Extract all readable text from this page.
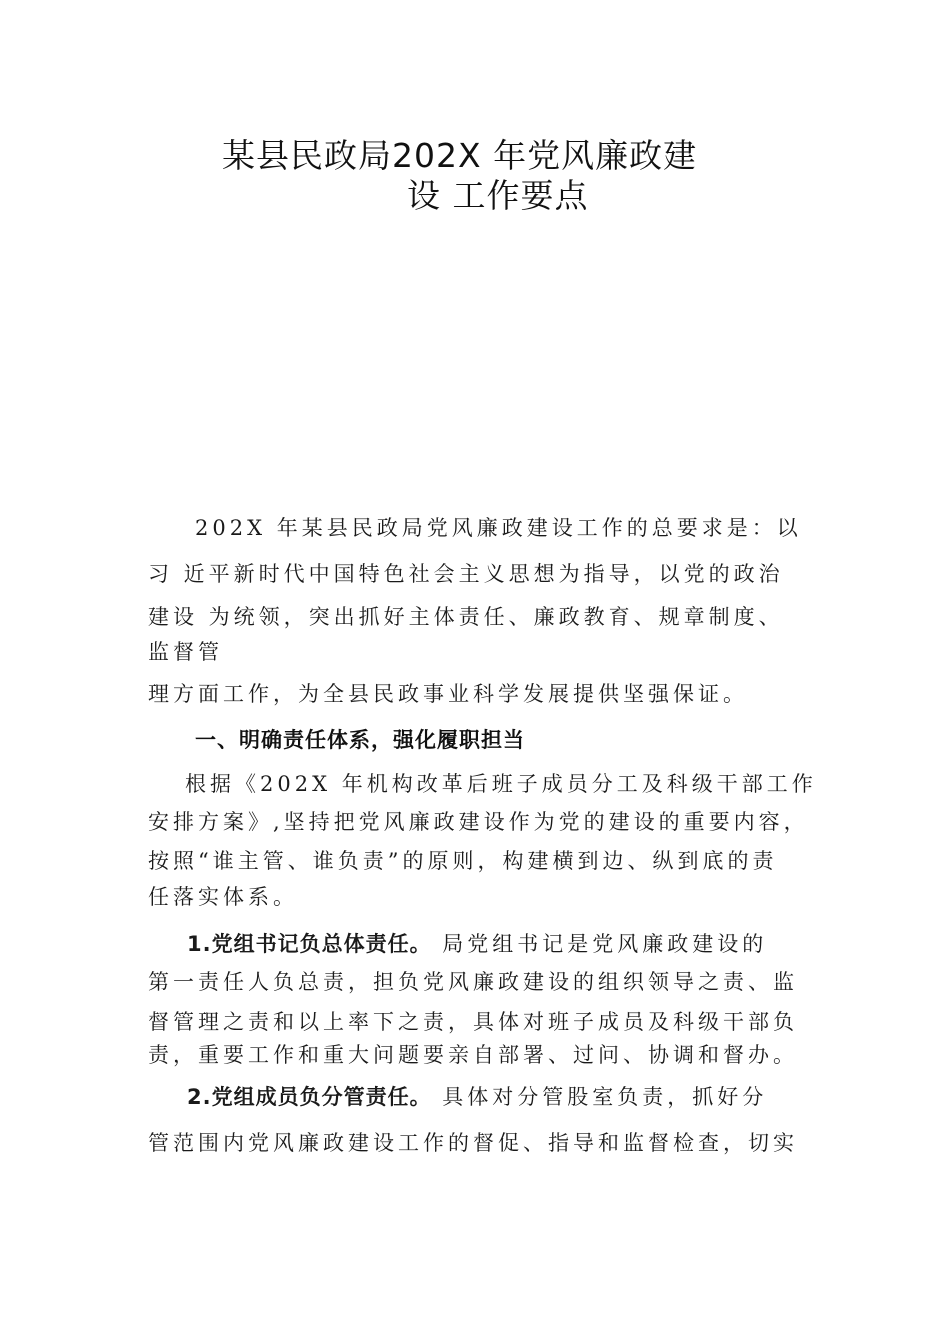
某县民政局202X 年党风廉政建
设 工作要点
202X 年某县民政局党风廉政建设工作的总要求是：以
习 近平新时代中国特色社会主义思想为指导，以党的政治
建设 为统领，突出抓好主体责任、廉政教育、规章制度、
监督管
理方面工作，为全县民政事业科学发展提供坚强保证。
一、明确责任体系，强化履职担当
根据《202X 年机构改革后班子成员分工及科级干部工作
安排方案》,坚持把党风廉政建设作为党的建设的重要内容，
按照“谁主管、谁负责”的原则，构建横到边、纵到底的责
任落实体系。
1.党组书记负总体责任。 局党组书记是党风廉政建设的
第一责任人负总责，担负党风廉政建设的组织领导之责、监
督管理之责和以上率下之责，具体对班子成员及科级干部负
责，重要工作和重大问题要亲自部署、过问、协调和督办。
2.党组成员负分管责任。 具体对分管股室负责，抓好分
管范围内党风廉政建设工作的督促、指导和监督检查，切实
